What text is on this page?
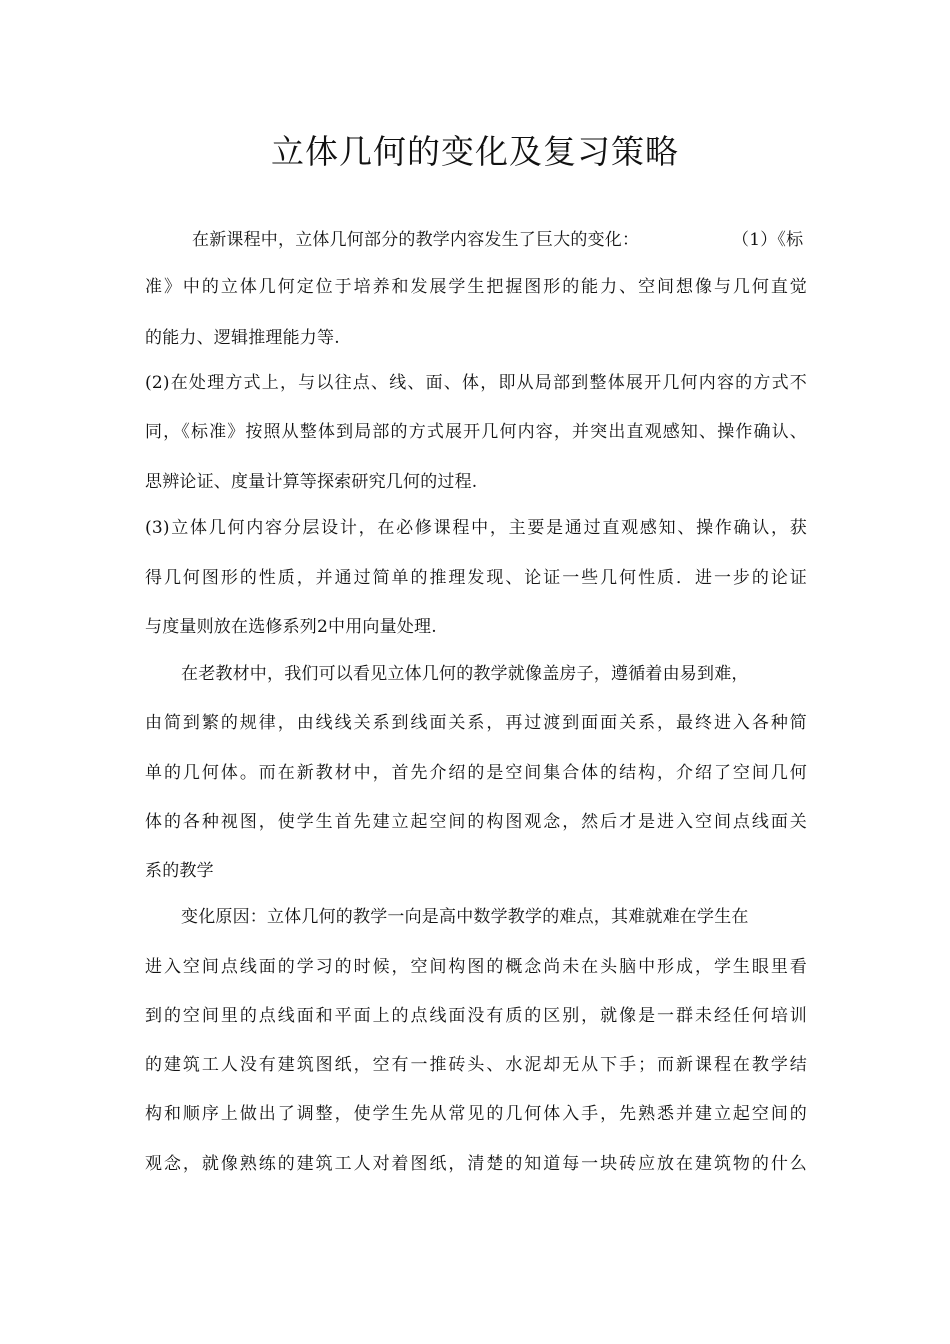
立体几何的变化及复习策略
在新课程中，立体几何部分的教学内容发生了巨大的变化：	（1）《标
准》中的立体几何定位于培养和发展学生把握图形的能力、空间想像与几何直觉
的能力、逻辑推理能力等.
(2)在处理方式上，与以往点、线、面、体，即从局部到整体展开几何内容的方式不
同，《标准》按照从整体到局部的方式展开几何内容，并突出直观感知、操作确认、
思辨论证、度量计算等探索研究几何的过程.
(3)立体几何内容分层设计，在必修课程中，主要是通过直观感知、操作确认，获
得几何图形的性质，并通过简单的推理发现、论证一些几何性质．进一步的论证
与度量则放在选修系列2中用向量处理.
在老教材中，我们可以看见立体几何的教学就像盖房子，遵循着由易到难，
由简到繁的规律，由线线关系到线面关系，再过渡到面面关系，最终进入各种简
单的几何体。而在新教材中，首先介绍的是空间集合体的结构，介绍了空间几何
体的各种视图，使学生首先建立起空间的构图观念，然后才是进入空间点线面关
系的教学
变化原因：立体几何的教学一向是高中数学教学的难点，其难就难在学生在
进入空间点线面的学习的时候，空间构图的概念尚未在头脑中形成，学生眼里看
到的空间里的点线面和平面上的点线面没有质的区别，就像是一群未经任何培训
的建筑工人没有建筑图纸，空有一推砖头、水泥却无从下手；而新课程在教学结
构和顺序上做出了调整，使学生先从常见的几何体入手，先熟悉并建立起空间的
观念，就像熟练的建筑工人对着图纸，清楚的知道每一块砖应放在建筑物的什么
